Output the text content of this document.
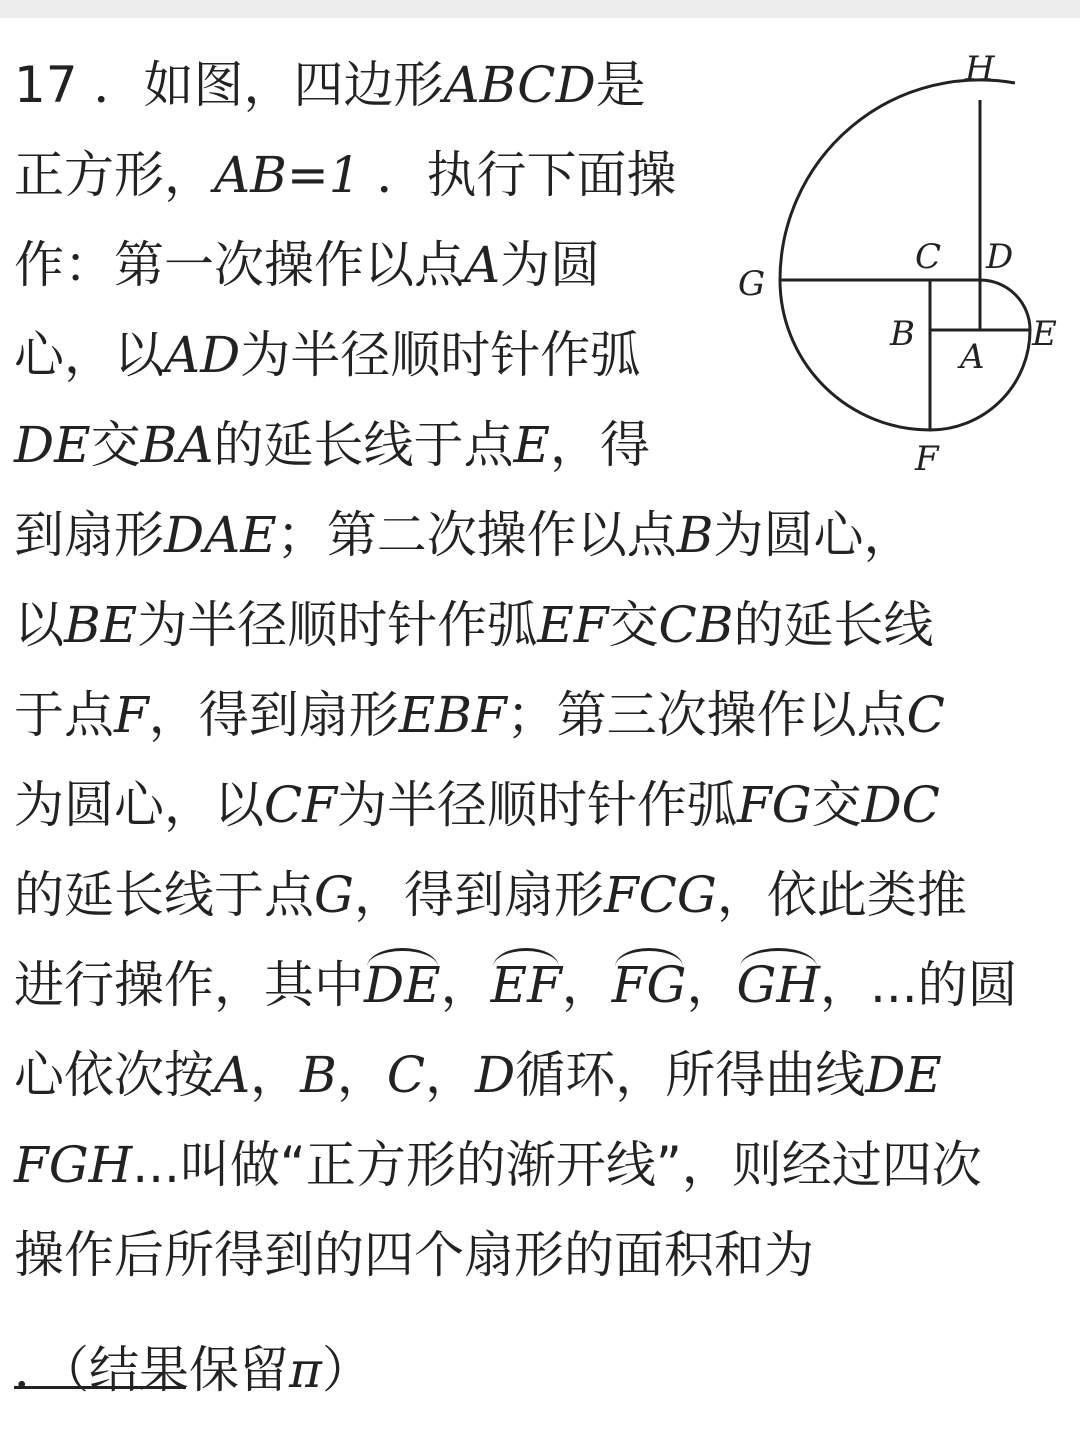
17 ．如图，四边形ABCD是
正方形，AB=1 ．执行下面操
作：第一次操作以点A为圆
心，以AD为半径顺时针作弧
DE交BA的延长线于点E，得
到扇形DAE；第二次操作以点B为圆心，
以BE为半径顺时针作弧EF交CB的延长线
于点F，得到扇形EBF；第三次操作以点C
为圆心，以CF为半径顺时针作弧FG交DC
的延长线于点G，得到扇形FCG，依此类推
进行操作，其中DE，EF，FG，GH，...的圆
心依次按A，B，C，D循环，所得曲线DE
FGH...叫做“正方形的渐开线”，则经过四次
操作后所得到的四个扇形的面积和为
．（结果保留π）
H
C D
G
B
A
E
F
